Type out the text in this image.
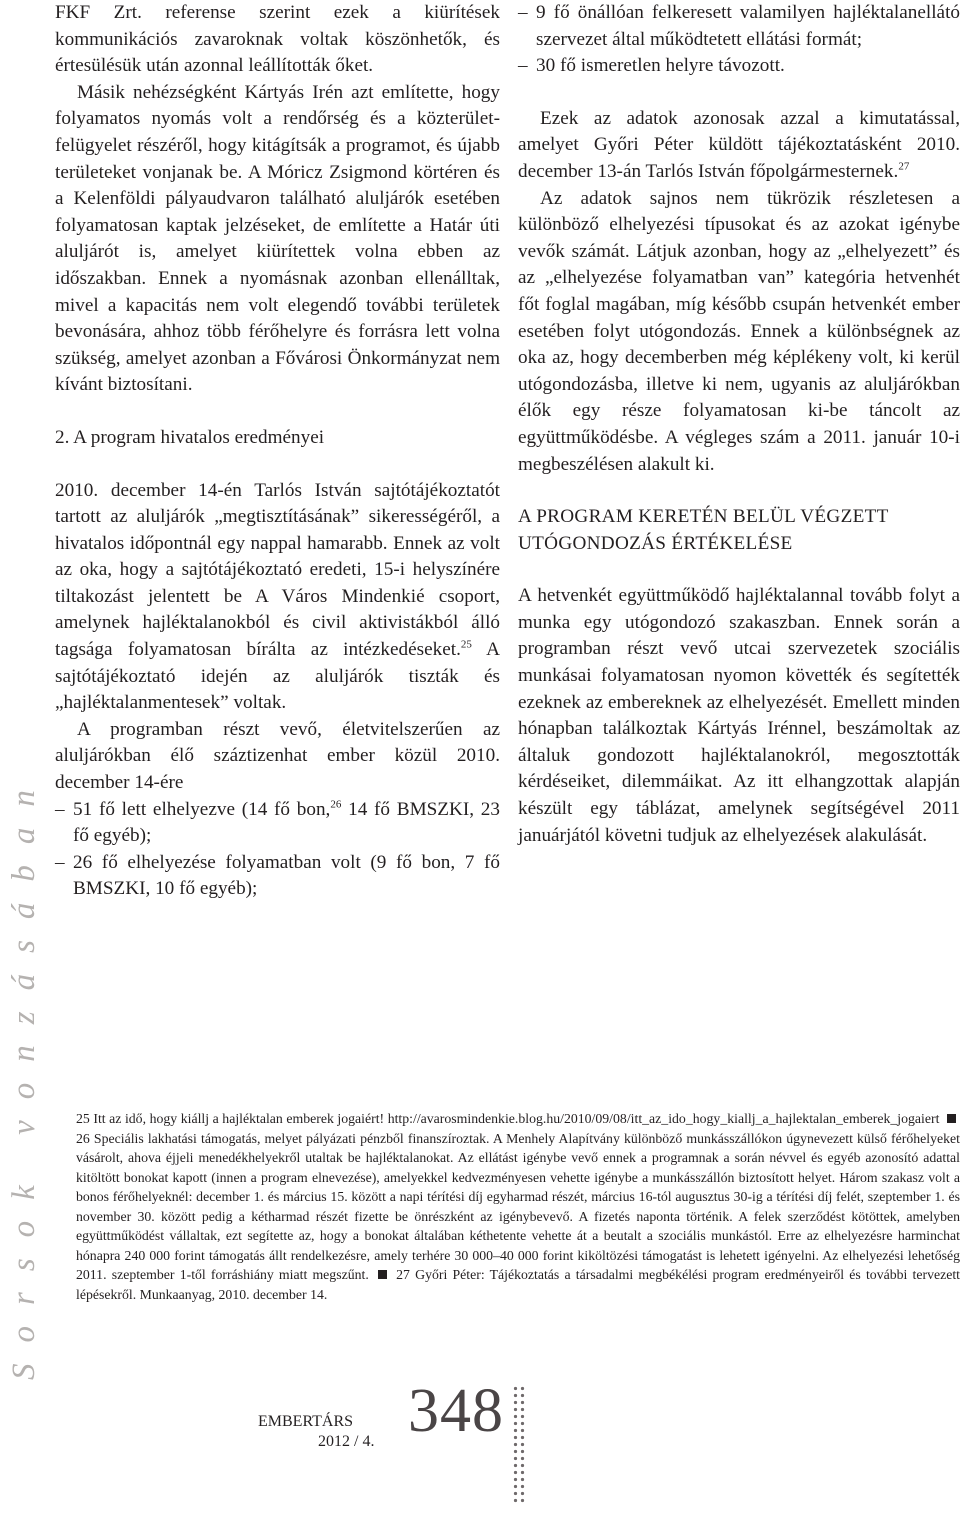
Sorsok vonzásában

FKF Zrt. referense szerint ezek a kiürítések kommunikációs zavaroknak voltak köszönhetők, és értesülésük után azonnal leállították őket.

Másik nehézségként Kártyás Irén azt említette, hogy folyamatos nyomás volt a rendőrség és a közterület-felügyelet részéről, hogy kitágítsák a programot, és újabb területeket vonjanak be. A Móricz Zsigmond körtéren és a Kelenföldi pályaudvaron található aluljárók esetében folyamatosan kaptak jelzéseket, de említette a Határ úti aluljárót is, amelyet kiürítettek volna ebben az időszakban. Ennek a nyomásnak azonban ellenálltak, mivel a kapacitás nem volt elegendő további területek bevonására, ahhoz több férőhelyre és forrásra lett volna szükség, amelyet azonban a Fővárosi Önkormányzat nem kívánt biztosítani.

2. A program hivatalos eredményei

2010. december 14-én Tarlós István sajtótájékoztatót tartott az aluljárók „megtisztításának” sikerességéről, a hivatalos időpontnál egy nappal hamarabb. Ennek az volt az oka, hogy a sajtótájékoztató eredeti, 15-i helyszínére tiltakozást jelentett be A Város Mindenkié csoport, amelynek hajléktalanokból és civil aktivistákból álló tagsága folyamatosan bírálta az intézkedéseket.$^{25}$ A sajtótájékoztató idején az aluljárók tiszták és „hajléktalanmentesek” voltak.

A programban részt vevő, életvitelszerűen az aluljárókban élő száztizenhat ember közül 2010. december 14-ére

– 51 fő lett elhelyezve (14 fő bon,$^{26}$ 14 fő BMSZKI, 23 fő egyéb);

– 26 fő elhelyezése folyamatban volt (9 fő bon, 7 fő BMSZKI, 10 fő egyéb);

– 9 fő önállóan felkeresett valamilyen hajléktalanellátó szervezet által működtetett ellátási formát;

– 30 fő ismeretlen helyre távozott.

Ezek az adatok azonosak azzal a kimutatással, amelyet Győri Péter küldött tájékoztatásként 2010. december 13-án Tarlós István főpolgármesternek.$^{27}$

Az adatok sajnos nem tükrözik részletesen a különböző elhelyezési típusokat és az azokat igénybe vevők számát. Látjuk azonban, hogy az „elhelyezett” és az „elhelyezése folyamatban van” kategória hetvenhét főt foglal magában, míg később csupán hetvenkét ember esetében folyt utógondozás. Ennek a különbségnek az oka az, hogy decemberben még képlékeny volt, ki kerül utógondozásba, illetve ki nem, ugyanis az aluljárókban élők egy része folyamatosan ki-be táncolt az együttműködésbe. A végleges szám a 2011. január 10-i megbeszélésen alakult ki.

A PROGRAM KERETÉN BELÜL VÉGZETT UTÓGONDOZÁS ÉRTÉKELÉSE

A hetvenkét együttműködő hajléktalannal tovább folyt a munka egy utógondozó szakaszban. Ennek során a programban részt vevő utcai szervezetek szociális munkásai folyamatosan nyomon követték és segítették ezeknek az embereknek az elhelyezését. Emellett minden hónapban találkoztak Kártyás Irénnel, beszámoltak az általuk gondozott hajléktalanokról, megosztották kérdéseiket, dilemmáikat. Az itt elhangzottak alapján készült egy táblázat, amelynek segítségével 2011 januárjától követni tudjuk az elhelyezések alakulását.

25 Itt az idő, hogy kiállj a hajléktalan emberek jogaiért! http://avarosmindenkie.blog.hu/2010/09/08/itt_az_ido_hogy_kiallj_a_hajlektalan_emberek_jogaiert  26 Speciális lakhatási támogatás, melyet pályázati pénzből finanszíroztak. A Menhely Alapítvány különböző munkásszállókon úgynevezett külső férőhelyeket vásárolt, ahova éjjeli menedékhelyekről utaltak be hajléktalanokat. Az ellátást igénybe vevő ennek a programnak a során névvel és egyéb azonosító adattal kitöltött bonokat kapott (innen a program elnevezése), amelyekkel kedvezményesen vehette igénybe a munkásszállón biztosított helyet. Három szakasz volt a bonos férőhelyeknél: december 1. és március 15. között a napi térítési díj egyharmad részét, március 16-tól augusztus 30-ig a térítési díj felét, szeptember 1. és november 30. között pedig a kétharmad részét fizette be önrészként az igénybevevő. A fizetés naponta történik. A felek szerződést kötöttek, amelyben együttműködést vállaltak, ezt segítette az, hogy a bonokat általában kéthetente vehette át a beutalt a szociális munkástól. Erre az elhelyezésre harminchat hónapra 240 000 forint támogatás állt rendelkezésre, amely terhére 30 000–40 000 forint kiköltözési támogatást is lehetett igényelni. Az elhelyezési lehetőség 2011. szeptember 1-től forráshiány miatt megszűnt. 27 Győri Péter: Tájékoztatás a társadalmi megbékélési program eredményeiről és további tervezett lépésekről. Munkaanyag, 2010. december 14.
EMBERTÁRS
2012 / 4. 348
